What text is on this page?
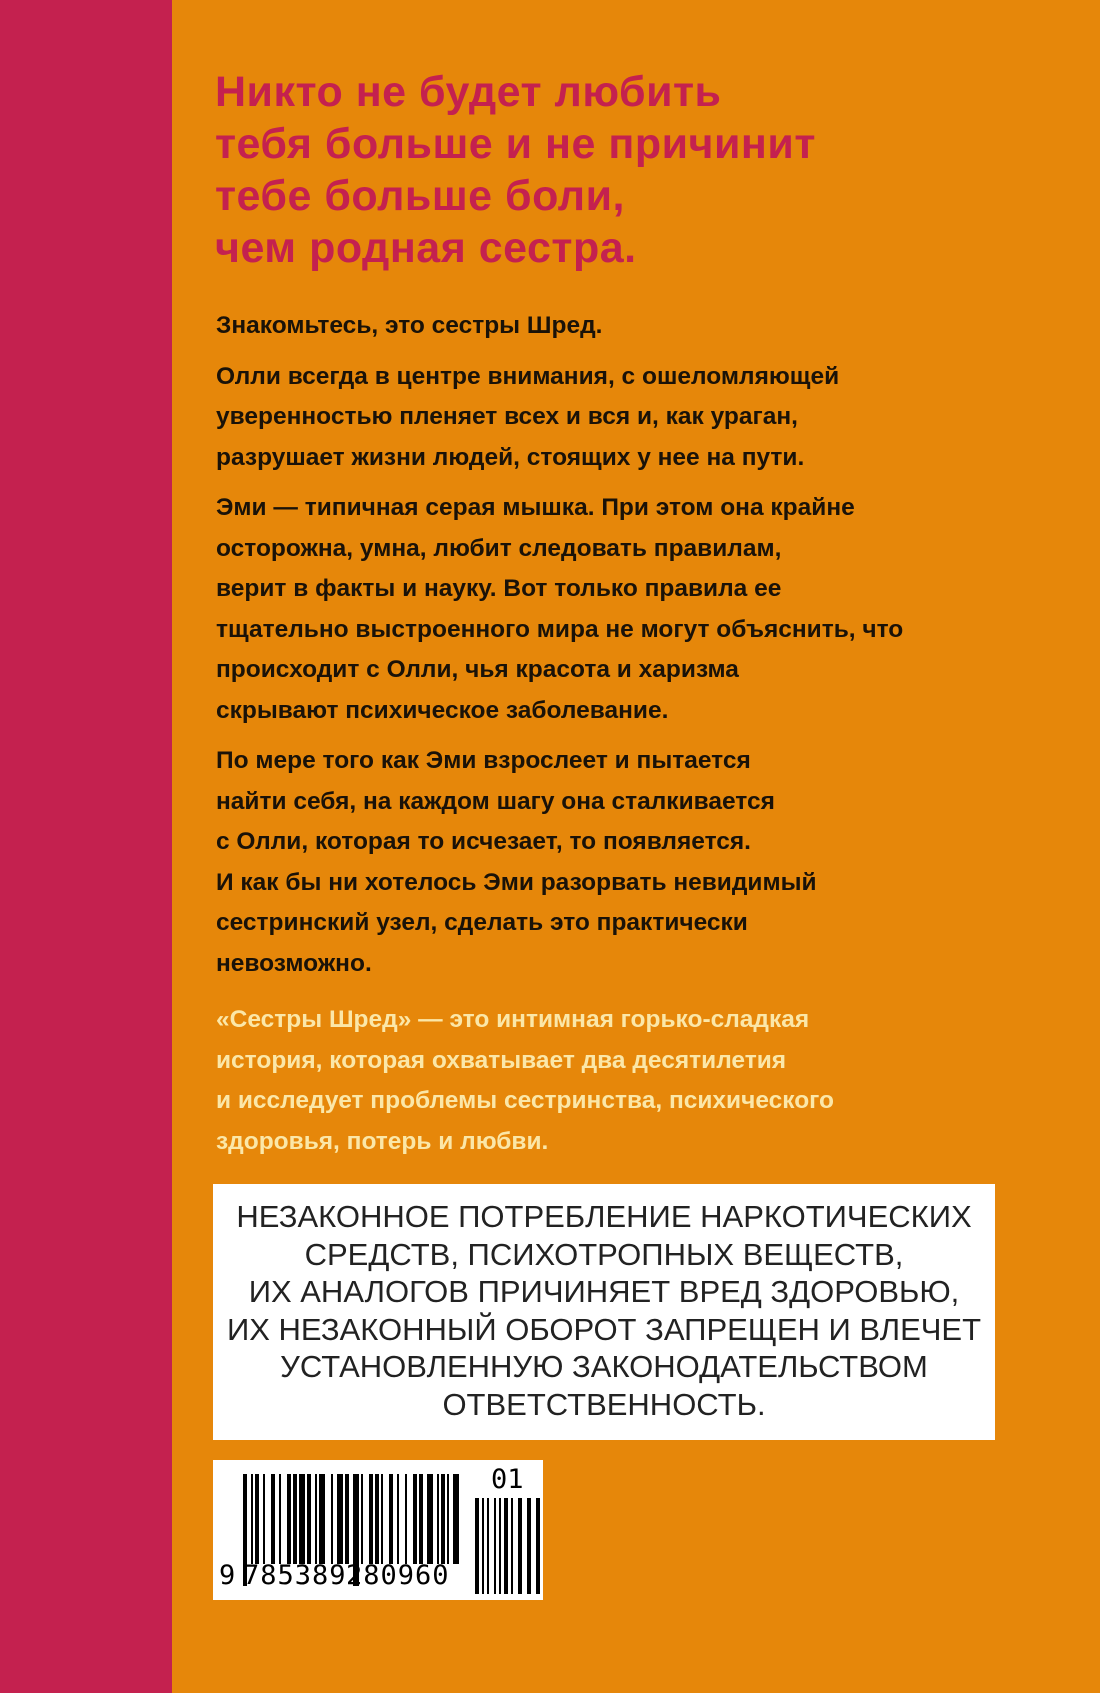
Никто не будет любить
тебя больше и не причинит
тебе больше боли,
чем родная сестра.
Знакомьтесь, это сестры Шред.
Олли всегда в центре внимания, с ошеломляющей
уверенностью пленяет всех и вся и, как ураган,
разрушает жизни людей, стоящих у нее на пути.
Эми — типичная серая мышка. При этом она крайне
осторожна, умна, любит следовать правилам,
верит в факты и науку. Вот только правила ее
тщательно выстроенного мира не могут объяснить, что
происходит с Олли, чья красота и харизма
скрывают психическое заболевание.
По мере того как Эми взрослеет и пытается
найти себя, на каждом шагу она сталкивается
с Олли, которая то исчезает, то появляется.
И как бы ни хотелось Эми разорвать невидимый
сестринский узел, сделать это практически
невозможно.
«Сестры Шред» — это интимная горько-сладкая
история, которая охватывает два десятилетия
и исследует проблемы сестринства, психического
здоровья, потерь и любви.
НЕЗАКОННОЕ ПОТРЕБЛЕНИЕ НАРКОТИЧЕСКИХ
СРЕДСТВ, ПСИХОТРОПНЫХ ВЕЩЕСТВ,
ИХ АНАЛОГОВ ПРИЧИНЯЕТ ВРЕД ЗДОРОВЬЮ,
ИХ НЕЗАКОННЫЙ ОБОРОТ ЗАПРЕЩЕН И ВЛЕЧЕТ
УСТАНОВЛЕННУЮ ЗАКОНОДАТЕЛЬСТВОМ
ОТВЕТСТВЕННОСТЬ.
9 785389 280960
01
